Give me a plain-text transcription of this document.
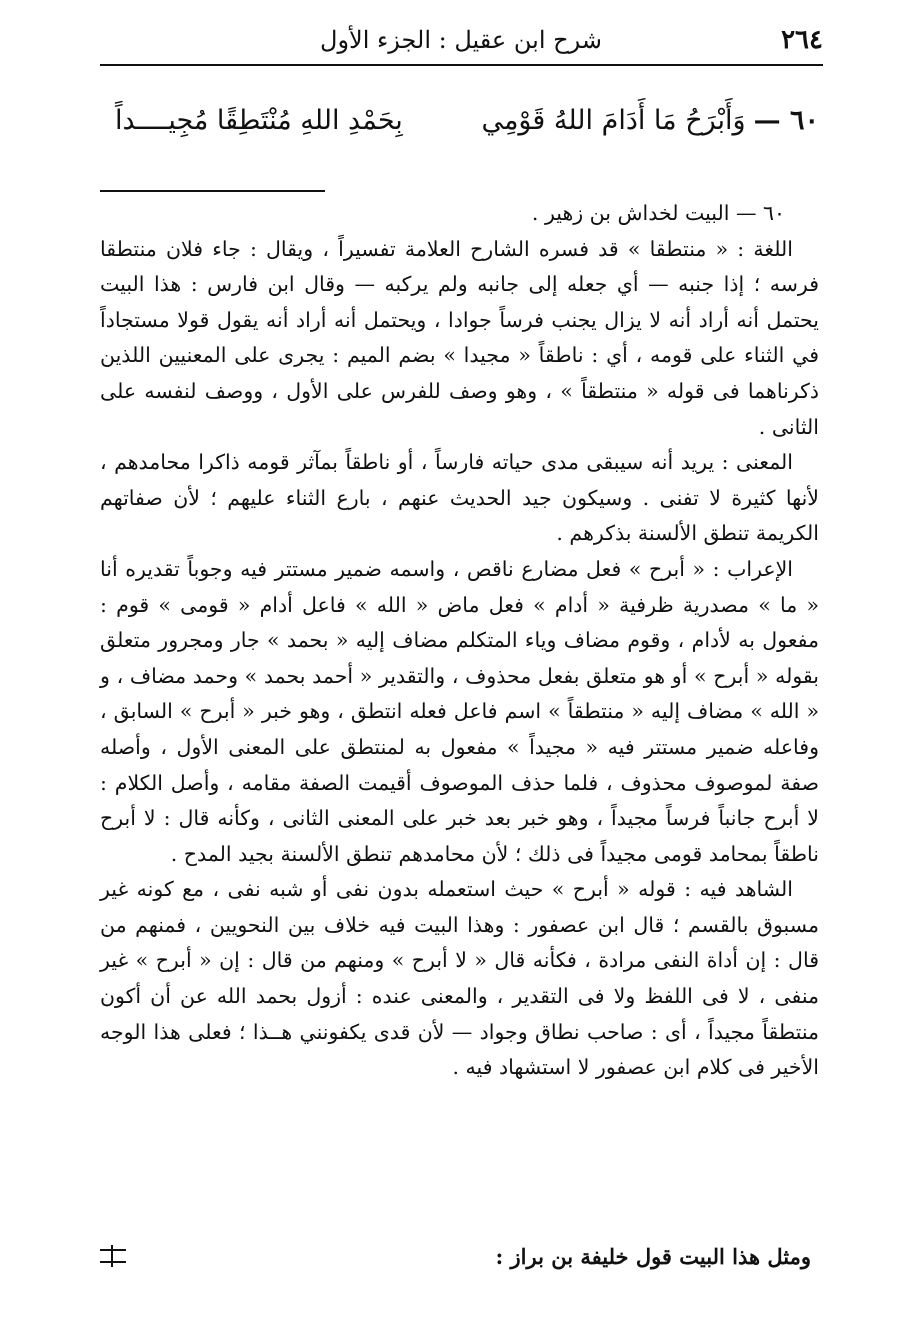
٢٦٤
شرح ابن عقيل : الجزء الأول
٦٠ —
وَأَبْرَحُ مَا أَدَامَ اللهُ قَوْمِي
بِحَمْدِ اللهِ مُنْتَطِقًا مُجِيــــداً

٦٠ — البيت لخداش بن زهير .

اللغة : « منتطقا » قد فسره الشارح العلامة تفسيراً ، ويقال : جاء فلان منتطقا فرسه ؛ إذا جنبه — أي جعله إلى جانبه ولم يركبه — وقال ابن فارس : هذا البيت يحتمل أنه أراد أنه لا يزال يجنب فرساً جوادا ، ويحتمل أنه أراد أنه يقول قولا مستجاداً في الثناء على قومه ، أي : ناطقاً « مجيدا » بضم الميم : يجرى على المعنيين اللذين ذكرناهما فى قوله « منتطقاً » ، وهو وصف للفرس على الأول ، ووصف لنفسه على الثانى .

المعنى : يريد أنه سيبقى مدى حياته فارساً ، أو ناطقاً بمآثر قومه ذاكرا محامدهم ، لأنها كثيرة لا تفنى . وسيكون جيد الحديث عنهم ، بارع الثناء عليهم ؛ لأن صفاتهم الكريمة تنطق الألسنة بذكرهم .

الإعراب : « أبرح » فعل مضارع ناقص ، واسمه ضمير مستتر فيه وجوباً تقديره أنا « ما » مصدرية ظرفية « أدام » فعل ماض « الله » فاعل أدام « قومى » قوم : مفعول به لأدام ، وقوم مضاف وياء المتكلم مضاف إليه « بحمد » جار ومجرور متعلق بقوله « أبرح » أو هو متعلق بفعل محذوف ، والتقدير « أحمد بحمد » وحمد مضاف ، و « الله » مضاف إليه « منتطقاً » اسم فاعل فعله انتطق ، وهو خبر « أبرح » السابق ، وفاعله ضمير مستتر فيه « مجيداً » مفعول به لمنتطق على المعنى الأول ، وأصله صفة لموصوف محذوف ، فلما حذف الموصوف أقيمت الصفة مقامه ، وأصل الكلام : لا أبرح جانباً فرساً مجيداً ، وهو خبر بعد خبر على المعنى الثانى ، وكأنه قال : لا أبرح ناطقاً بمحامد قومى مجيداً فى ذلك ؛ لأن محامدهم تنطق الألسنة بجيد المدح .

الشاهد فيه : قوله « أبرح » حيث استعمله بدون نفى أو شبه نفى ، مع كونه غير مسبوق بالقسم ؛ قال ابن عصفور : وهذا البيت فيه خلاف بين النحويين ، فمنهم من قال : إن أداة النفى مرادة ، فكأنه قال « لا أبرح » ومنهم من قال : إن « أبرح » غير منفى ، لا فى اللفظ ولا فى التقدير ، والمعنى عنده : أزول بحمد الله عن أن أكون منتطقاً مجيداً ، أى : صاحب نطاق وجواد — لأن قدى يكفونني هــذا ؛ فعلى هذا الوجه الأخير فى كلام ابن عصفور لا استشهاد فيه .

ومثل هذا البيت قول خليفة بن براز :
